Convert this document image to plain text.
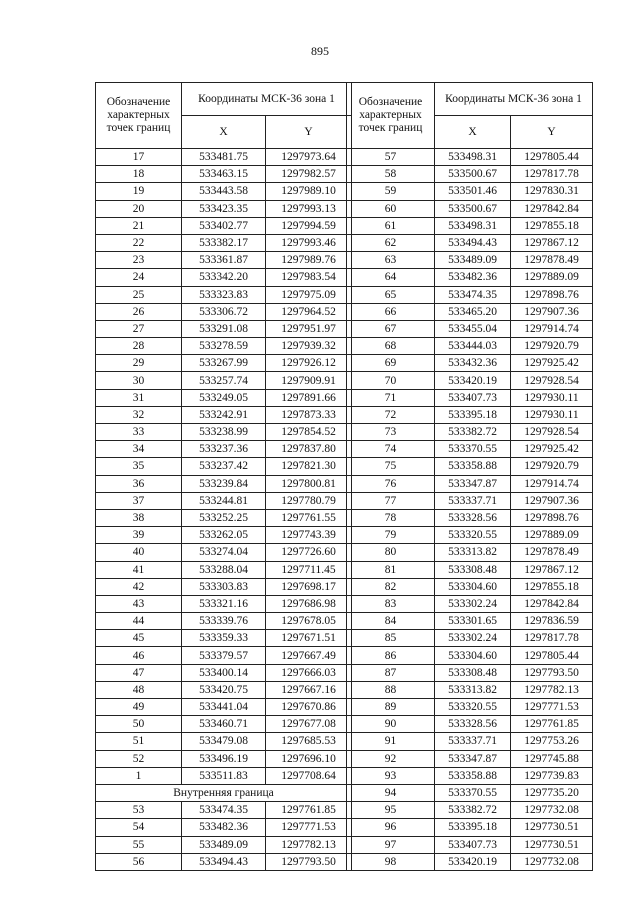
895
Обозначение характерных точек границ	Координаты МСК-36 зона 1	
	X	Y
17	533481.75	1297973.64
18	533463.15	1297982.57
19	533443.58	1297989.10
20	533423.35	1297993.13
21	533402.77	1297994.59
22	533382.17	1297993.46
23	533361.87	1297989.76
24	533342.20	1297983.54
25	533323.83	1297975.09
26	533306.72	1297964.52
27	533291.08	1297951.97
28	533278.59	1297939.32
29	533267.99	1297926.12
30	533257.74	1297909.91
31	533249.05	1297891.66
32	533242.91	1297873.33
33	533238.99	1297854.52
34	533237.36	1297837.80
35	533237.42	1297821.30
36	533239.84	1297800.81
37	533244.81	1297780.79
38	533252.25	1297761.55
39	533262.05	1297743.39
40	533274.04	1297726.60
41	533288.04	1297711.45
42	533303.83	1297698.17
43	533321.16	1297686.98
44	533339.76	1297678.05
45	533359.33	1297671.51
46	533379.57	1297667.49
47	533400.14	1297666.03
48	533420.75	1297667.16
49	533441.04	1297670.86
50	533460.71	1297677.08
51	533479.08	1297685.53
52	533496.19	1297696.10
1	533511.83	1297708.64
Внутренняя граница		
53	533474.35	1297761.85
54	533482.36	1297771.53
55	533489.09	1297782.13
56	533494.43	1297793.50
Обозначение характерных точек границ	Координаты МСК-36 зона 1	
	X	Y
57	533498.31	1297805.44
58	533500.67	1297817.78
59	533501.46	1297830.31
60	533500.67	1297842.84
61	533498.31	1297855.18
62	533494.43	1297867.12
63	533489.09	1297878.49
64	533482.36	1297889.09
65	533474.35	1297898.76
66	533465.20	1297907.36
67	533455.04	1297914.74
68	533444.03	1297920.79
69	533432.36	1297925.42
70	533420.19	1297928.54
71	533407.73	1297930.11
72	533395.18	1297930.11
73	533382.72	1297928.54
74	533370.55	1297925.42
75	533358.88	1297920.79
76	533347.87	1297914.74
77	533337.71	1297907.36
78	533328.56	1297898.76
79	533320.55	1297889.09
80	533313.82	1297878.49
81	533308.48	1297867.12
82	533304.60	1297855.18
83	533302.24	1297842.84
84	533301.65	1297836.59
85	533302.24	1297817.78
86	533304.60	1297805.44
87	533308.48	1297793.50
88	533313.82	1297782.13
89	533320.55	1297771.53
90	533328.56	1297761.85
91	533337.71	1297753.26
92	533347.87	1297745.88
93	533358.88	1297739.83
94	533370.55	1297735.20
95	533382.72	1297732.08
96	533395.18	1297730.51
97	533407.73	1297730.51
98	533420.19	1297732.08
